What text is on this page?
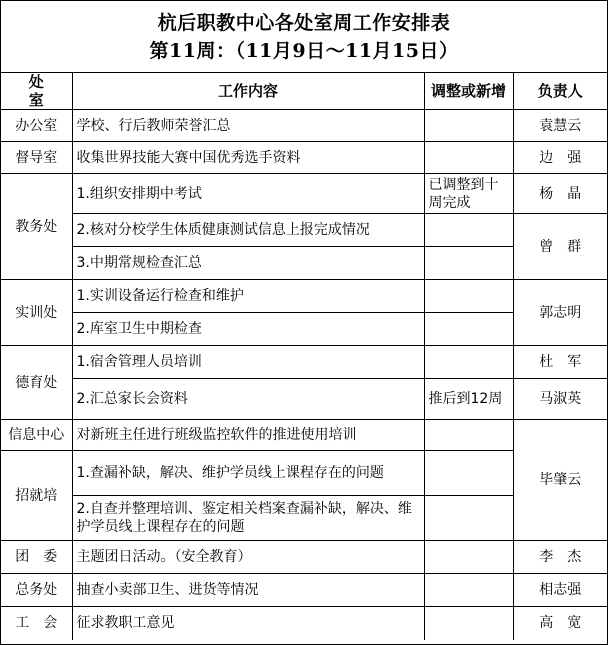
杭后职教中心各处室周工作安排表
第11周：（11月9日～11月15日）
处　室	工作内容	调整或新增	负责人
办公室	学校、行后教师荣誉汇总		袁慧云
督导室	收集世界技能大赛中国优秀选手资料		边　强
教务处	1.组织安排期中考试	已调整到十周完成	杨　晶
	2.核对分校学生体质健康测试信息上报完成情况		曾　群
	3.中期常规检查汇总		
实训处	1.实训设备运行检查和维护		郭志明
	2.库室卫生中期检查		
德育处	1.宿舍管理人员培训		杜　军
	2.汇总家长会资料	推后到12周	马淑英
信息中心	对新班主任进行班级监控软件的推进使用培训		毕肇云
招就培	1.查漏补缺，解决、维护学员线上课程存在的问题		
	2.自查并整理培训、鉴定相关档案查漏补缺，解决、维护学员线上课程存在的问题		
团　委	主题团日活动。（安全教育）		李　杰
总务处	抽查小卖部卫生、进货等情况		相志强
工　会	征求教职工意见		高　宽
